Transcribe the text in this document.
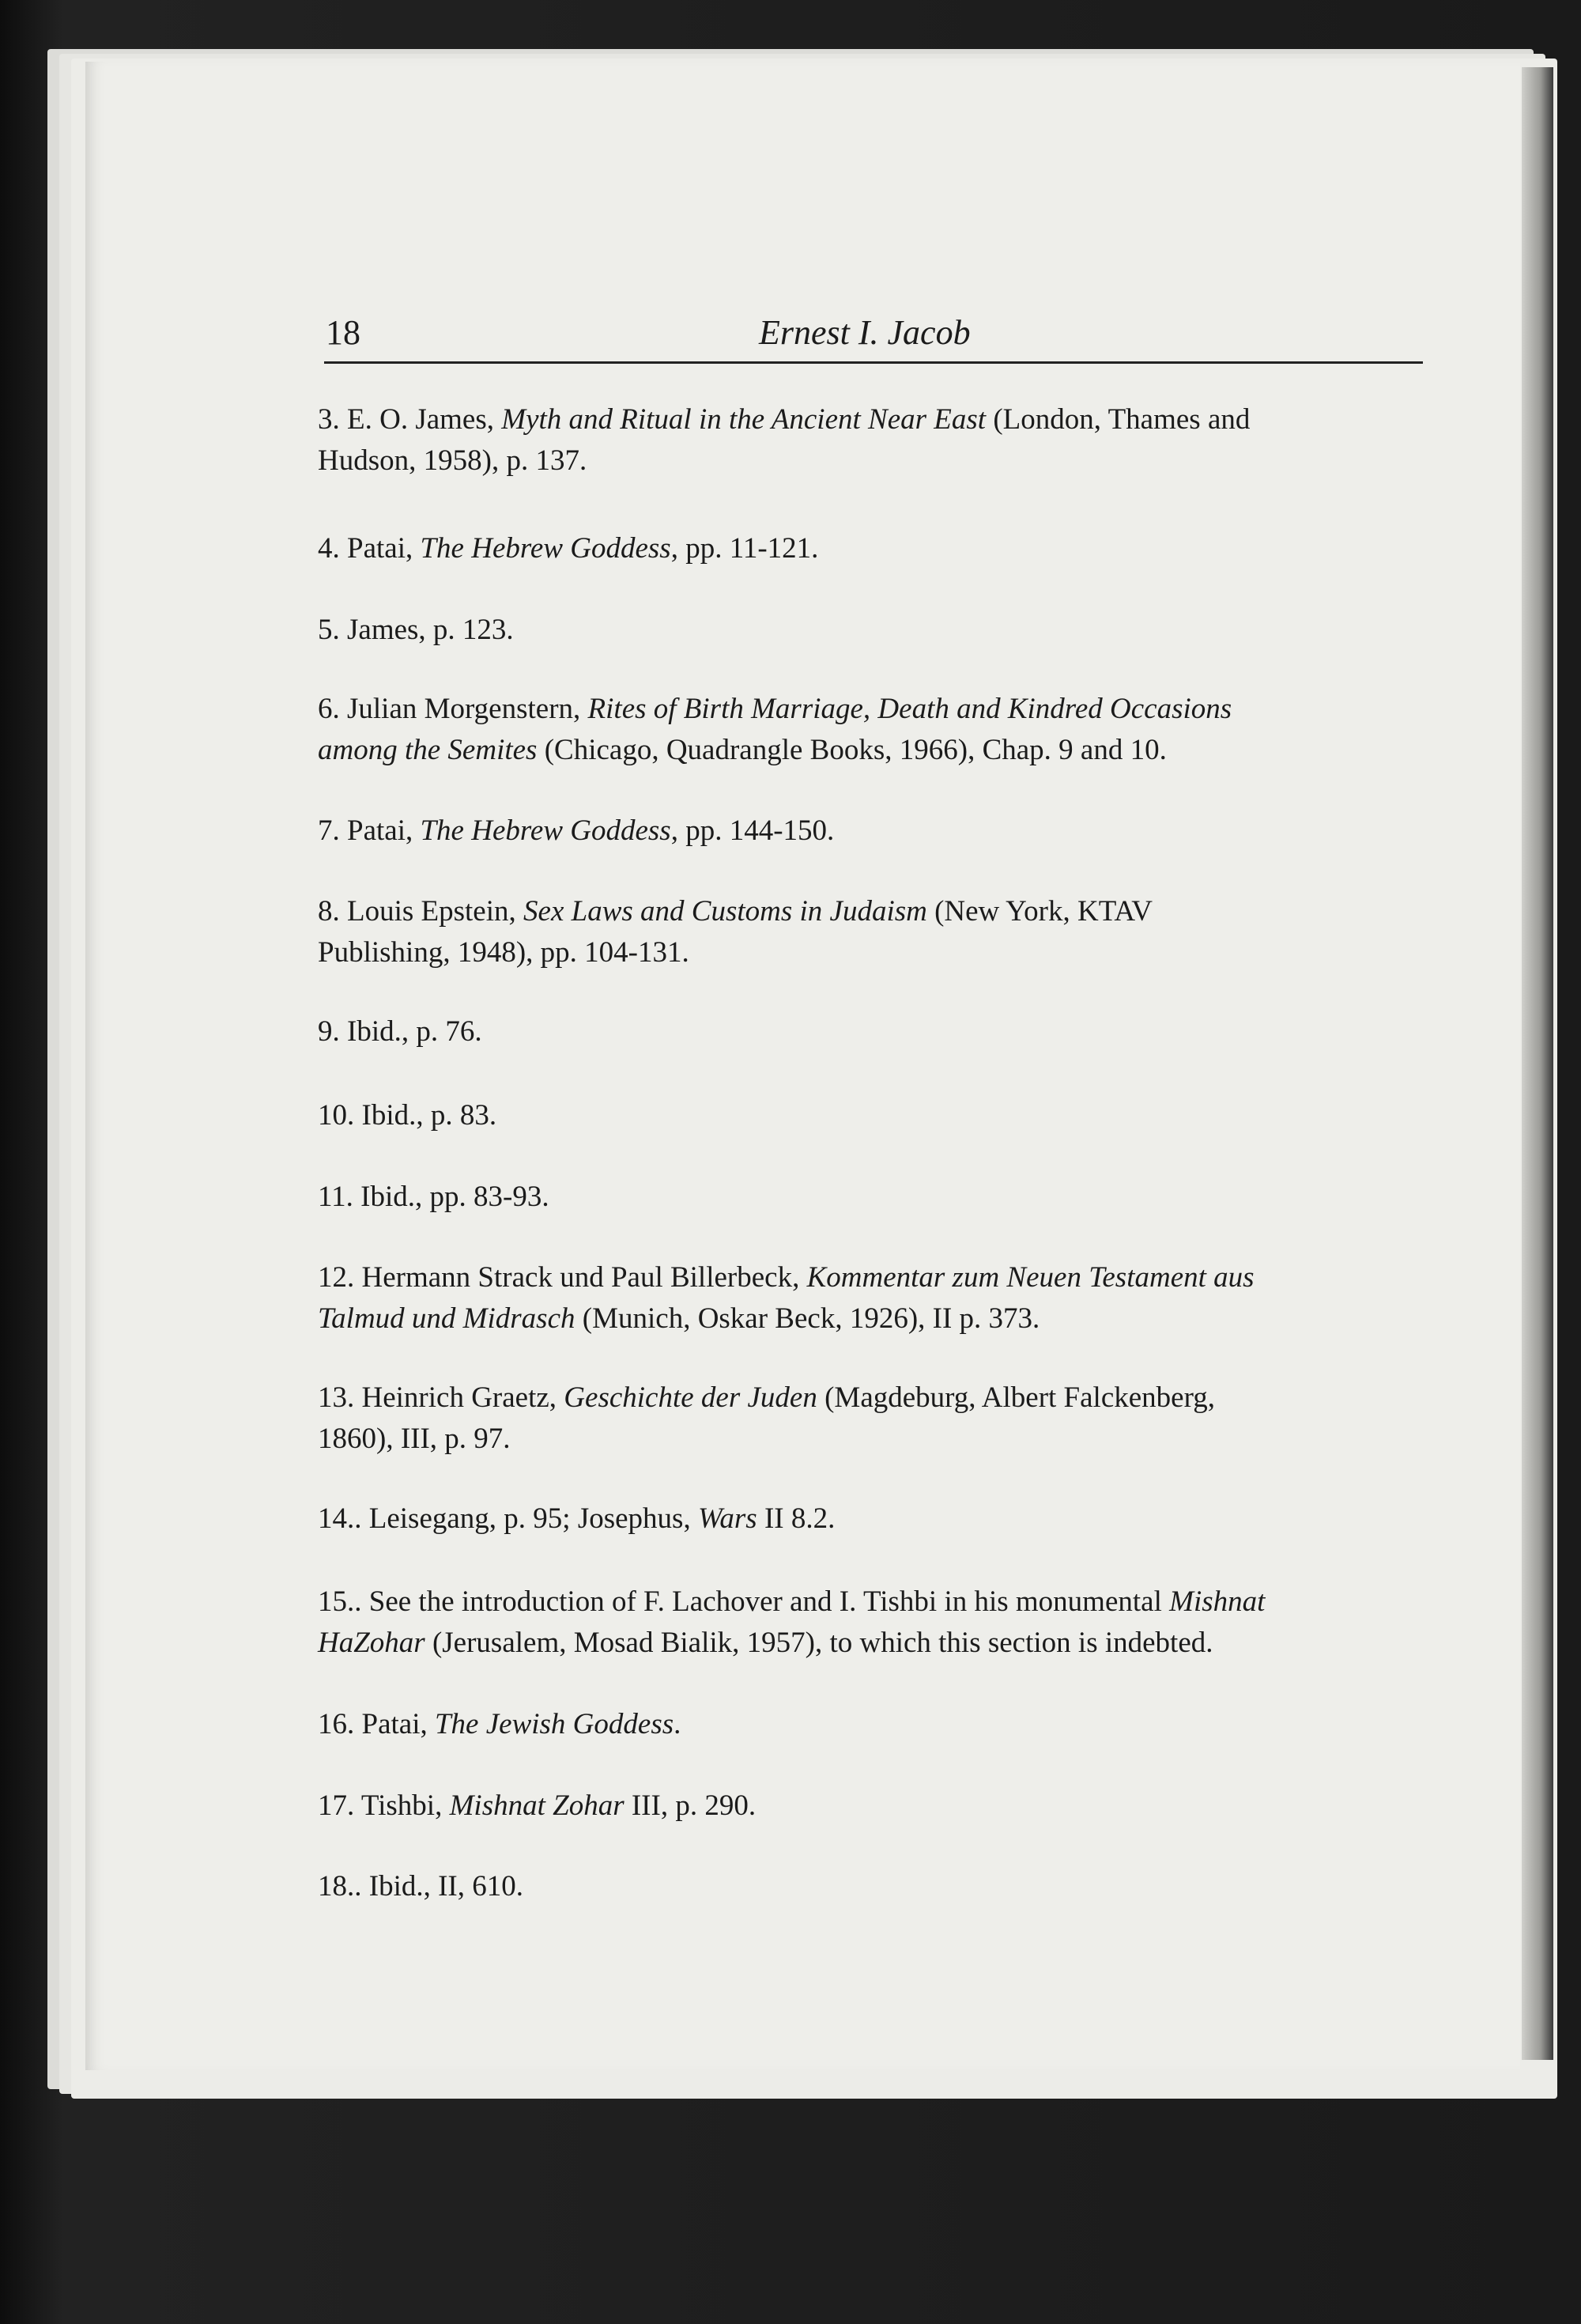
18	Ernest I. Jacob
3. E. O. James, Myth and Ritual in the Ancient Near East (London, Thames and
Hudson, 1958), p. 137.
4. Patai, The Hebrew Goddess, pp. 11-121.
5. James, p. 123.
6. Julian Morgenstern, Rites of Birth Marriage, Death and Kindred Occasions
among the Semites (Chicago, Quadrangle Books, 1966), Chap. 9 and 10.
7. Patai, The Hebrew Goddess, pp. 144-150.
8. Louis Epstein, Sex Laws and Customs in Judaism (New York, KTAV
Publishing, 1948), pp. 104-131.
9. Ibid., p. 76.
10. Ibid., p. 83.
11. Ibid., pp. 83-93.
12. Hermann Strack und Paul Billerbeck, Kommentar zum Neuen Testament aus
Talmud und Midrasch (Munich, Oskar Beck, 1926), II p. 373.
13. Heinrich Graetz, Geschichte der Juden (Magdeburg, Albert Falckenberg,
1860), III, p. 97.
14.. Leisegang, p. 95; Josephus, Wars II 8.2.
15.. See the introduction of F. Lachover and I. Tishbi in his monumental Mishnat
HaZohar (Jerusalem, Mosad Bialik, 1957), to which this section is indebted.
16. Patai, The Jewish Goddess.
17. Tishbi, Mishnat Zohar III, p. 290.
18.. Ibid., II, 610.
